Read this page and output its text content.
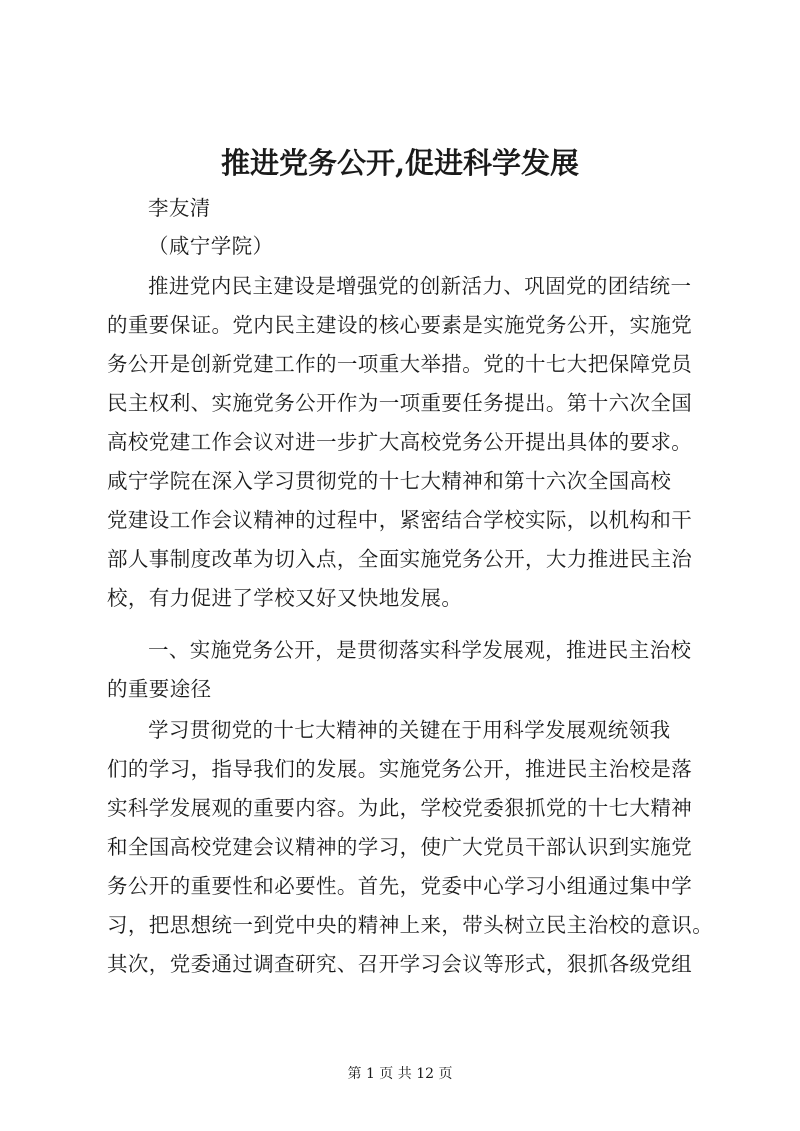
推进党务公开,促进科学发展

李友清

（咸宁学院）

推进党内民主建设是增强党的创新活力、巩固党的团结统一

的重要保证。党内民主建设的核心要素是实施党务公开，实施党

务公开是创新党建工作的一项重大举措。党的十七大把保障党员

民主权利、实施党务公开作为一项重要任务提出。第十六次全国

高校党建工作会议对进一步扩大高校党务公开提出具体的要求。

咸宁学院在深入学习贯彻党的十七大精神和第十六次全国高校

党建设工作会议精神的过程中，紧密结合学校实际，以机构和干

部人事制度改革为切入点，全面实施党务公开，大力推进民主治

校，有力促进了学校又好又快地发展。

一、实施党务公开，是贯彻落实科学发展观，推进民主治校

的重要途径

学习贯彻党的十七大精神的关键在于用科学发展观统领我

们的学习，指导我们的发展。实施党务公开，推进民主治校是落

实科学发展观的重要内容。为此，学校党委狠抓党的十七大精神

和全国高校党建会议精神的学习，使广大党员干部认识到实施党

务公开的重要性和必要性。首先，党委中心学习小组通过集中学

习，把思想统一到党中央的精神上来，带头树立民主治校的意识。

其次，党委通过调查研究、召开学习会议等形式，狠抓各级党组

第 1 页 共 12 页
